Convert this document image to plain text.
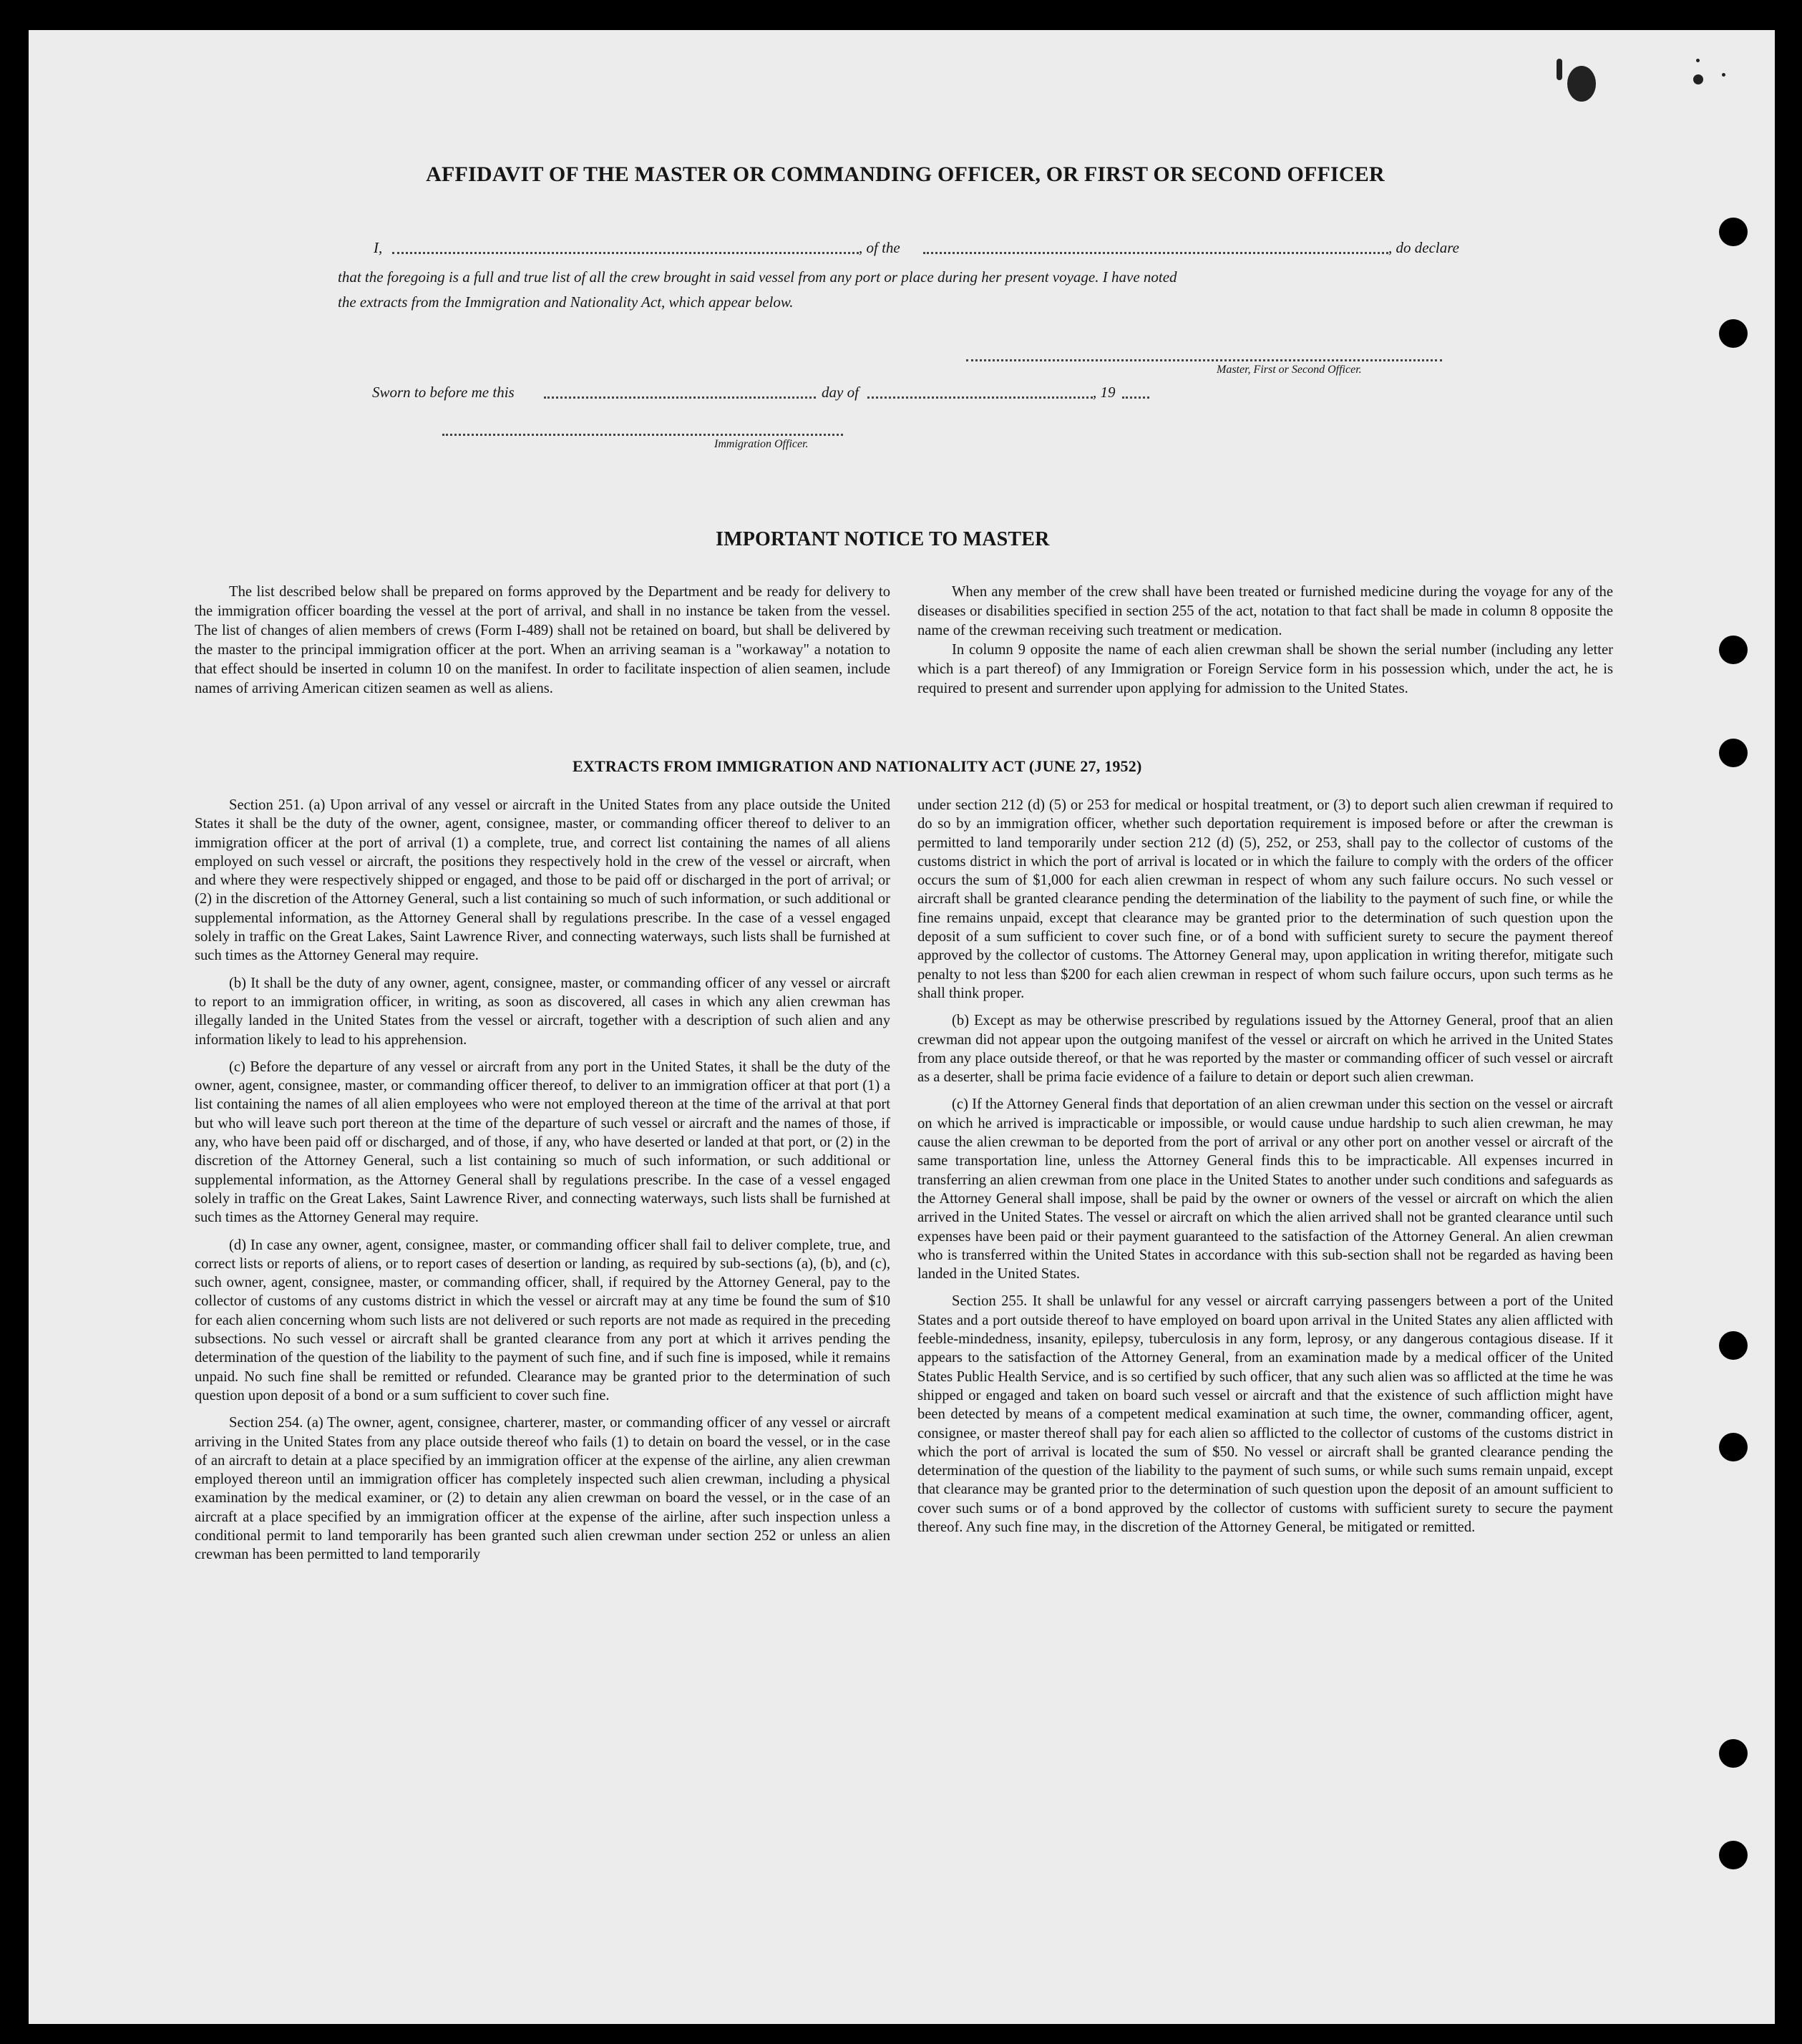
AFFIDAVIT OF THE MASTER OR COMMANDING OFFICER, OR FIRST OR SECOND OFFICER
I,	, of the	, do declare
that the foregoing is a full and true list of all the crew brought in said vessel from any port or place during her present voyage. I have noted
the extracts from the Immigration and Nationality Act, which appear below.
Master, First or Second Officer.
Sworn to before me this	day of	, 19
Immigration Officer.
IMPORTANT NOTICE TO MASTER

The list described below shall be prepared on forms approved by the Department and be ready for delivery to the immigration officer boarding the vessel at the port of arrival, and shall in no instance be taken from the vessel. The list of changes of alien members of crews (Form I-489) shall not be retained on board, but shall be delivered by the master to the principal immigration officer at the port. When an arriving seaman is a "workaway" a notation to that effect should be inserted in column 10 on the manifest. In order to facilitate inspection of alien seamen, include names of arriving American citizen seamen as well as aliens.

When any member of the crew shall have been treated or furnished medicine during the voyage for any of the diseases or disabilities specified in section 255 of the act, notation to that fact shall be made in column 8 opposite the name of the crewman receiving such treatment or medication.

In column 9 opposite the name of each alien crewman shall be shown the serial number (including any letter which is a part thereof) of any Immigration or Foreign Service form in his possession which, under the act, he is required to present and surrender upon applying for admission to the United States.

EXTRACTS FROM IMMIGRATION AND NATIONALITY ACT (JUNE 27, 1952)

Section 251. (a) Upon arrival of any vessel or aircraft in the United States from any place outside the United States it shall be the duty of the owner, agent, consignee, master, or commanding officer thereof to deliver to an immigration officer at the port of arrival (1) a complete, true, and correct list containing the names of all aliens employed on such vessel or aircraft, the positions they respectively hold in the crew of the vessel or aircraft, when and where they were respectively shipped or engaged, and those to be paid off or discharged in the port of arrival; or (2) in the discretion of the Attorney General, such a list containing so much of such information, or such additional or supplemental information, as the Attorney General shall by regulations prescribe. In the case of a vessel engaged solely in traffic on the Great Lakes, Saint Lawrence River, and connecting waterways, such lists shall be furnished at such times as the Attorney General may require.

(b) It shall be the duty of any owner, agent, consignee, master, or commanding officer of any vessel or aircraft to report to an immigration officer, in writing, as soon as discovered, all cases in which any alien crewman has illegally landed in the United States from the vessel or aircraft, together with a description of such alien and any information likely to lead to his apprehension.

(c) Before the departure of any vessel or aircraft from any port in the United States, it shall be the duty of the owner, agent, consignee, master, or commanding officer thereof, to deliver to an immigration officer at that port (1) a list containing the names of all alien employees who were not employed thereon at the time of the arrival at that port but who will leave such port thereon at the time of the departure of such vessel or aircraft and the names of those, if any, who have been paid off or discharged, and of those, if any, who have deserted or landed at that port, or (2) in the discretion of the Attorney General, such a list containing so much of such information, or such additional or supplemental information, as the Attorney General shall by regulations prescribe. In the case of a vessel engaged solely in traffic on the Great Lakes, Saint Lawrence River, and connecting waterways, such lists shall be furnished at such times as the Attorney General may require.

(d) In case any owner, agent, consignee, master, or commanding officer shall fail to deliver complete, true, and correct lists or reports of aliens, or to report cases of desertion or landing, as required by sub-sections (a), (b), and (c), such owner, agent, consignee, master, or commanding officer, shall, if required by the Attorney General, pay to the collector of customs of any customs district in which the vessel or aircraft may at any time be found the sum of $10 for each alien concerning whom such lists are not delivered or such reports are not made as required in the preceding subsections. No such vessel or aircraft shall be granted clearance from any port at which it arrives pending the determination of the question of the liability to the payment of such fine, and if such fine is imposed, while it remains unpaid. No such fine shall be remitted or refunded. Clearance may be granted prior to the determination of such question upon deposit of a bond or a sum sufficient to cover such fine.

Section 254. (a) The owner, agent, consignee, charterer, master, or commanding officer of any vessel or aircraft arriving in the United States from any place outside thereof who fails (1) to detain on board the vessel, or in the case of an aircraft to detain at a place specified by an immigration officer at the expense of the airline, any alien crewman employed thereon until an immigration officer has completely inspected such alien crewman, including a physical examination by the medical examiner, or (2) to detain any alien crewman on board the vessel, or in the case of an aircraft at a place specified by an immigration officer at the expense of the airline, after such inspection unless a conditional permit to land temporarily has been granted such alien crewman under section 252 or unless an alien crewman has been permitted to land temporarily

under section 212 (d) (5) or 253 for medical or hospital treatment, or (3) to deport such alien crewman if required to do so by an immigration officer, whether such deportation requirement is imposed before or after the crewman is permitted to land temporarily under section 212 (d) (5), 252, or 253, shall pay to the collector of customs of the customs district in which the port of arrival is located or in which the failure to comply with the orders of the officer occurs the sum of $1,000 for each alien crewman in respect of whom any such failure occurs. No such vessel or aircraft shall be granted clearance pending the determination of the liability to the payment of such fine, or while the fine remains unpaid, except that clearance may be granted prior to the determination of such question upon the deposit of a sum sufficient to cover such fine, or of a bond with sufficient surety to secure the payment thereof approved by the collector of customs. The Attorney General may, upon application in writing therefor, mitigate such penalty to not less than $200 for each alien crewman in respect of whom such failure occurs, upon such terms as he shall think proper.

(b) Except as may be otherwise prescribed by regulations issued by the Attorney General, proof that an alien crewman did not appear upon the outgoing manifest of the vessel or aircraft on which he arrived in the United States from any place outside thereof, or that he was reported by the master or commanding officer of such vessel or aircraft as a deserter, shall be prima facie evidence of a failure to detain or deport such alien crewman.

(c) If the Attorney General finds that deportation of an alien crewman under this section on the vessel or aircraft on which he arrived is impracticable or impossible, or would cause undue hardship to such alien crewman, he may cause the alien crewman to be deported from the port of arrival or any other port on another vessel or aircraft of the same transportation line, unless the Attorney General finds this to be impracticable. All expenses incurred in transferring an alien crewman from one place in the United States to another under such conditions and safeguards as the Attorney General shall impose, shall be paid by the owner or owners of the vessel or aircraft on which the alien arrived in the United States. The vessel or aircraft on which the alien arrived shall not be granted clearance until such expenses have been paid or their payment guaranteed to the satisfaction of the Attorney General. An alien crewman who is transferred within the United States in accordance with this sub-section shall not be regarded as having been landed in the United States.

Section 255. It shall be unlawful for any vessel or aircraft carrying passengers between a port of the United States and a port outside thereof to have employed on board upon arrival in the United States any alien afflicted with feeble-mindedness, insanity, epilepsy, tuberculosis in any form, leprosy, or any dangerous contagious disease. If it appears to the satisfaction of the Attorney General, from an examination made by a medical officer of the United States Public Health Service, and is so certified by such officer, that any such alien was so afflicted at the time he was shipped or engaged and taken on board such vessel or aircraft and that the existence of such affliction might have been detected by means of a competent medical examination at such time, the owner, commanding officer, agent, consignee, or master thereof shall pay for each alien so afflicted to the collector of customs of the customs district in which the port of arrival is located the sum of $50. No vessel or aircraft shall be granted clearance pending the determination of the question of the liability to the payment of such sums, or while such sums remain unpaid, except that clearance may be granted prior to the determination of such question upon the deposit of an amount sufficient to cover such sums or of a bond approved by the collector of customs with sufficient surety to secure the payment thereof. Any such fine may, in the discretion of the Attorney General, be mitigated or remitted.
